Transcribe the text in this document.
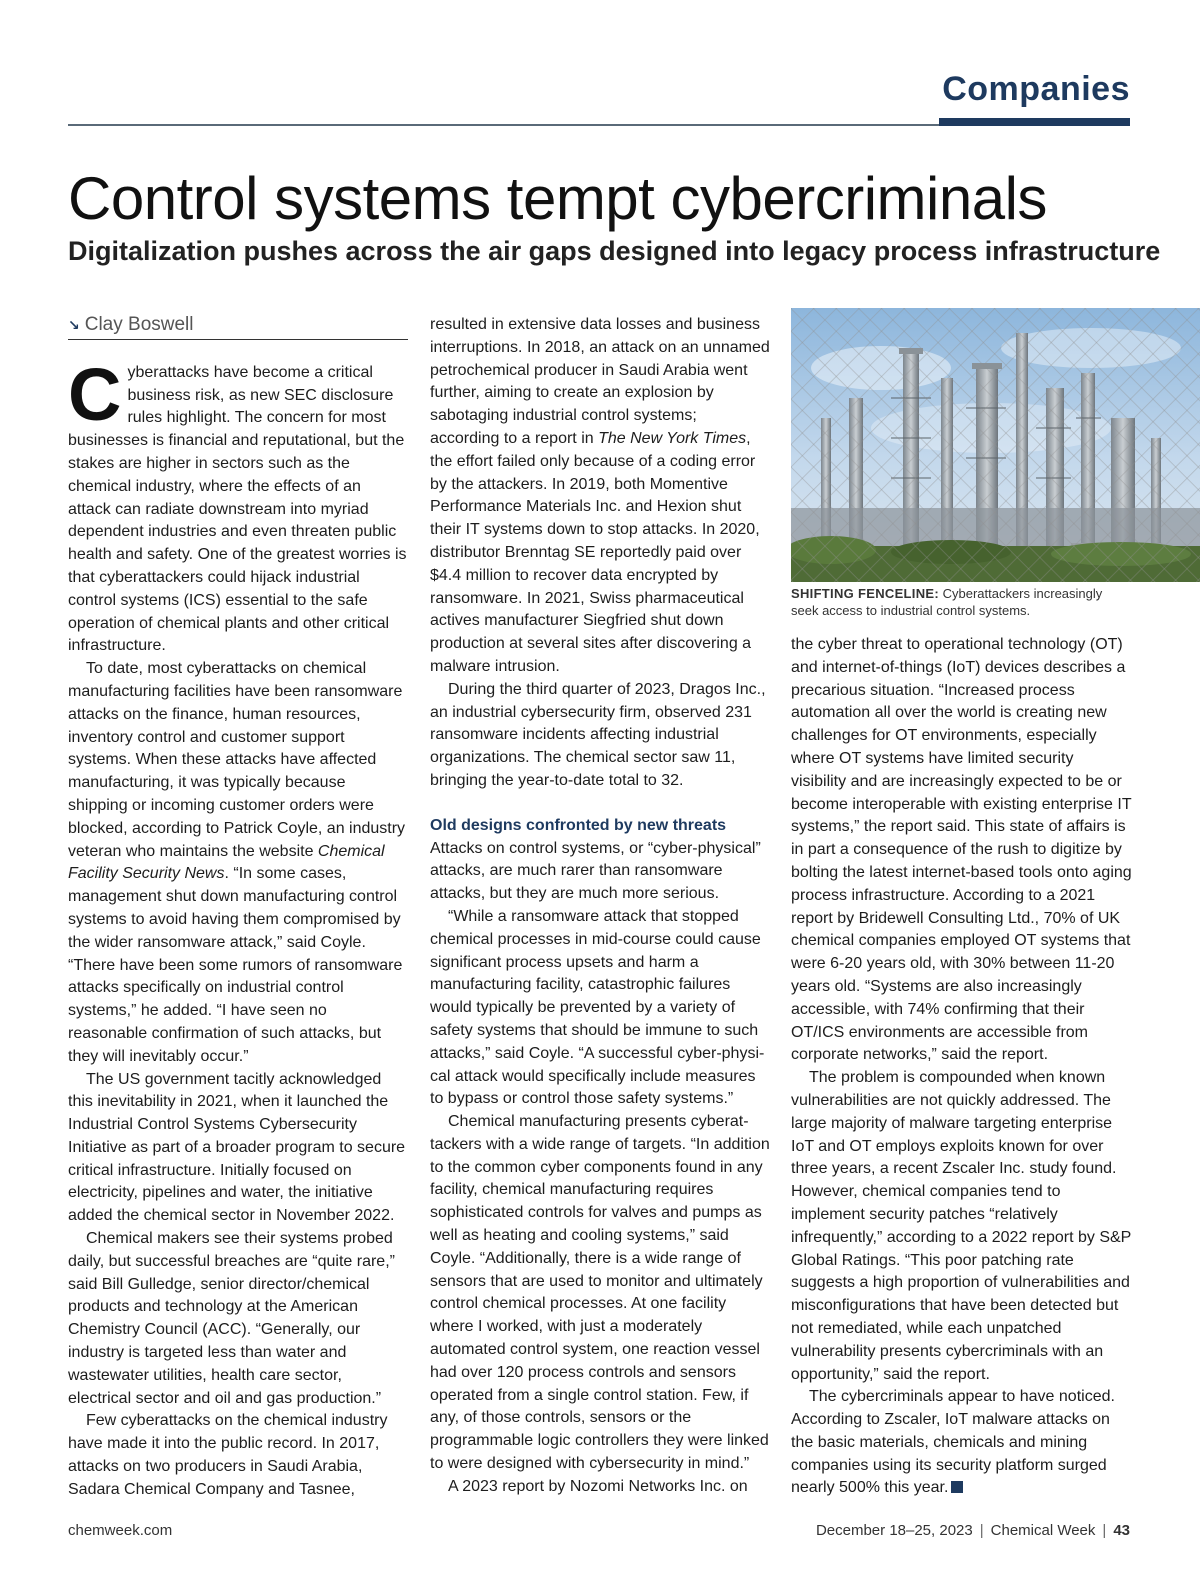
Companies
Control systems tempt cybercriminals
Digitalization pushes across the air gaps designed into legacy process infrastructure
↘ Clay Boswell

Cyberattacks have become a critical business risk, as new SEC disclosure rules highlight. The concern for most businesses is financial and reputational, but the stakes are higher in sectors such as the chemical industry, where the effects of an attack can radiate downstream into myriad dependent industries and even threaten public health and safety. One of the greatest worries is that cyberattackers could hijack industrial control systems (ICS) essential to the safe operation of chemical plants and other critical infrastructure.

To date, most cyberattacks on chemical manufacturing facilities have been ransomware attacks on the finance, human resources, inventory control and customer support systems. When these attacks have affected manufacturing, it was typically because shipping or incoming customer orders were blocked, according to Patrick Coyle, an industry veteran who maintains the website Chemical Facility Security News. “In some cases, management shut down manufacturing control systems to avoid having them compromised by the wider ransomware attack,” said Coyle. “There have been some rumors of ransomware attacks specifically on industrial control systems,” he added. “I have seen no reasonable confirmation of such attacks, but they will inevitably occur.”

The US government tacitly acknowledged this inevitability in 2021, when it launched the Industrial Control Systems Cybersecurity Initiative as part of a broader program to secure critical infrastructure. Initially focused on electricity, pipelines and water, the initiative added the chemical sector in November 2022.

Chemical makers see their systems probed daily, but successful breaches are “quite rare,” said Bill Gulledge, senior director/chemical products and technology at the American Chemistry Council (ACC). “Generally, our industry is targeted less than water and wastewater utilities, health care sector, electrical sector and oil and gas production.”

Few cyberattacks on the chemical industry have made it into the public record. In 2017, attacks on two producers in Saudi Arabia, Sadara Chemical Company and Tasnee,

resulted in extensive data losses and business interruptions. In 2018, an attack on an unnamed petrochemical producer in Saudi Arabia went further, aiming to create an explosion by sabotaging industrial control systems; according to a report in The New York Times, the effort failed only because of a coding error by the attackers. In 2019, both Momentive Performance Materials Inc. and Hexion shut their IT systems down to stop attacks. In 2020, distributor Brenntag SE reportedly paid over $4.4 million to recover data encrypted by ransomware. In 2021, Swiss pharmaceutical actives manufacturer Siegfried shut down production at several sites after discovering a malware intrusion.

During the third quarter of 2023, Dragos Inc., an industrial cybersecurity firm, observed 231 ransomware incidents affecting industrial organizations. The chemical sector saw 11, bringing the year-to-date total to 32.

Old designs confronted by new threats

Attacks on control systems, or “cyber-physical” attacks, are much rarer than ransomware attacks, but they are much more serious.

“While a ransomware attack that stopped chemical processes in mid-course could cause significant process upsets and harm a manufacturing facility, catastrophic failures would typically be prevented by a variety of safety systems that should be immune to such attacks,” said Coyle. “A successful cyber-physical attack would specifically include measures to bypass or control those safety systems.”

Chemical manufacturing presents cyberattackers with a wide range of targets. “In addition to the common cyber components found in any facility, chemical manufacturing requires sophisticated controls for valves and pumps as well as heating and cooling systems,” said Coyle. “Additionally, there is a wide range of sensors that are used to monitor and ultimately control chemical processes. At one facility where I worked, with just a moderately automated control system, one reaction vessel had over 120 process controls and sensors operated from a single control station. Few, if any, of those controls, sensors or the programmable logic controllers they were linked to were designed with cybersecurity in mind.”

A 2023 report by Nozomi Networks Inc. on

SHIFTING FENCELINE: Cyberattackers increasingly seek access to industrial control systems.

the cyber threat to operational technology (OT) and internet-of-things (IoT) devices describes a precarious situation. “Increased process automation all over the world is creating new challenges for OT environments, especially where OT systems have limited security visibility and are increasingly expected to be or become interoperable with existing enterprise IT systems,” the report said. This state of affairs is in part a consequence of the rush to digitize by bolting the latest internet-based tools onto aging process infrastructure. According to a 2021 report by Bridewell Consulting Ltd., 70% of UK chemical companies employed OT systems that were 6-20 years old, with 30% between 11-20 years old. “Systems are also increasingly accessible, with 74% confirming that their OT/ICS environments are accessible from corporate networks,” said the report.

The problem is compounded when known vulnerabilities are not quickly addressed. The large majority of malware targeting enterprise IoT and OT employs exploits known for over three years, a recent Zscaler Inc. study found. However, chemical companies tend to implement security patches “relatively infrequently,” according to a 2022 report by S&P Global Ratings. “This poor patching rate suggests a high proportion of vulnerabilities and misconfigurations that have been detected but not remediated, while each unpatched vulnerability presents cybercriminals with an opportunity,” said the report.

The cybercriminals appear to have noticed. According to Zscaler, IoT malware attacks on the basic materials, chemicals and mining companies using its security platform surged nearly 500% this year.

chemweek.com	December 18–25, 2023 | Chemical Week | 43
